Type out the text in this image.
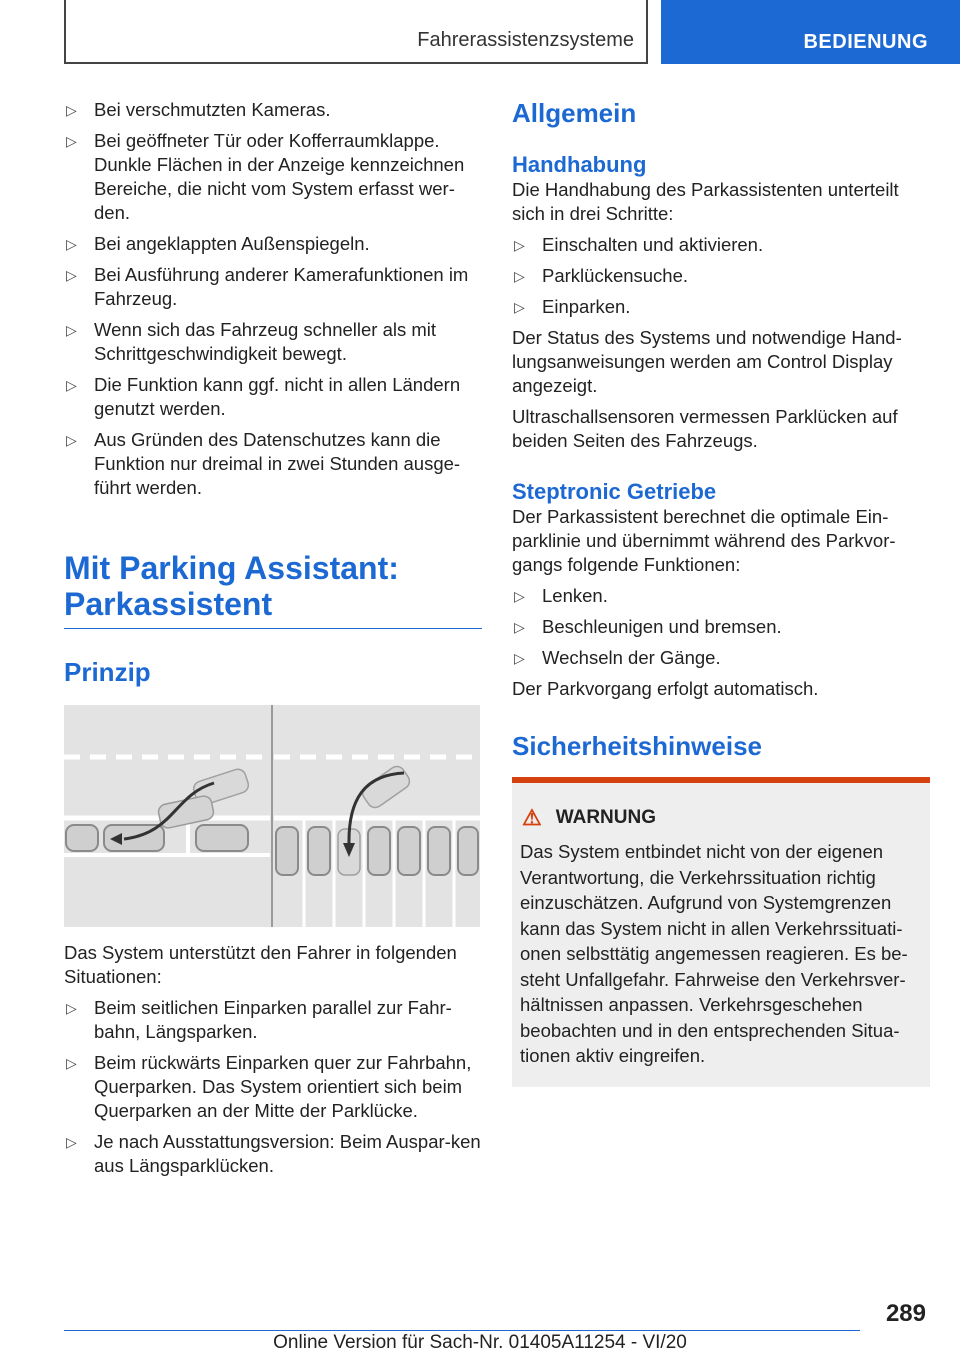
Fahrerassistenzsysteme	BEDIENUNG
▷ Bei verschmutzten Kameras.
▷ Bei geöffneter Tür oder Kofferraumklappe. Dunkle Flächen in der Anzeige kennzeichnen Bereiche, die nicht vom System erfasst wer‐den.
▷ Bei angeklappten Außenspiegeln.
▷ Bei Ausführung anderer Kamerafunktionen im Fahrzeug.
▷ Wenn sich das Fahrzeug schneller als mit Schrittgeschwindigkeit bewegt.
▷ Die Funktion kann ggf. nicht in allen Ländern genutzt werden.
▷ Aus Gründen des Datenschutzes kann die Funktion nur dreimal in zwei Stunden ausge‐führt werden.
Mit Parking Assistant: Parkassistent
Prinzip

Das System unterstützt den Fahrer in folgenden Situationen:

▷ Beim seitlichen Einparken parallel zur Fahr‐bahn, Längsparken.
▷ Beim rückwärts Einparken quer zur Fahrbahn, Querparken. Das System orientiert sich beim Querparken an der Mitte der Parklücke.
▷ Je nach Ausstattungsversion: Beim Auspar‐ken aus Längsparklücken.
Allgemein
Handhabung

Die Handhabung des Parkassistenten unterteilt sich in drei Schritte:

▷ Einschalten und aktivieren.
▷ Parklückensuche.
▷ Einparken.

Der Status des Systems und notwendige Hand‐lungsanweisungen werden am Control Display angezeigt.

Ultraschallsensoren vermessen Parklücken auf beiden Seiten des Fahrzeugs.

Steptronic Getriebe

Der Parkassistent berechnet die optimale Ein‐parklinie und übernimmt während des Parkvor‐gangs folgende Funktionen:

▷ Lenken.
▷ Beschleunigen und bremsen.
▷ Wechseln der Gänge.

Der Parkvorgang erfolgt automatisch.

Sicherheitshinweise
⚠ WARNUNG
Das System entbindet nicht von der eigenen Verantwortung, die Verkehrssituation richtig einzuschätzen. Aufgrund von Systemgrenzen kann das System nicht in allen Verkehrssituati‐onen selbsttätig angemessen reagieren. Es be‐steht Unfallgefahr. Fahrweise den Verkehrsver‐hältnissen anpassen. Verkehrsgeschehen beobachten und in den entsprechenden Situa‐tionen aktiv eingreifen.
289
Online Version für Sach-Nr. 01405A11254 - VI/20
